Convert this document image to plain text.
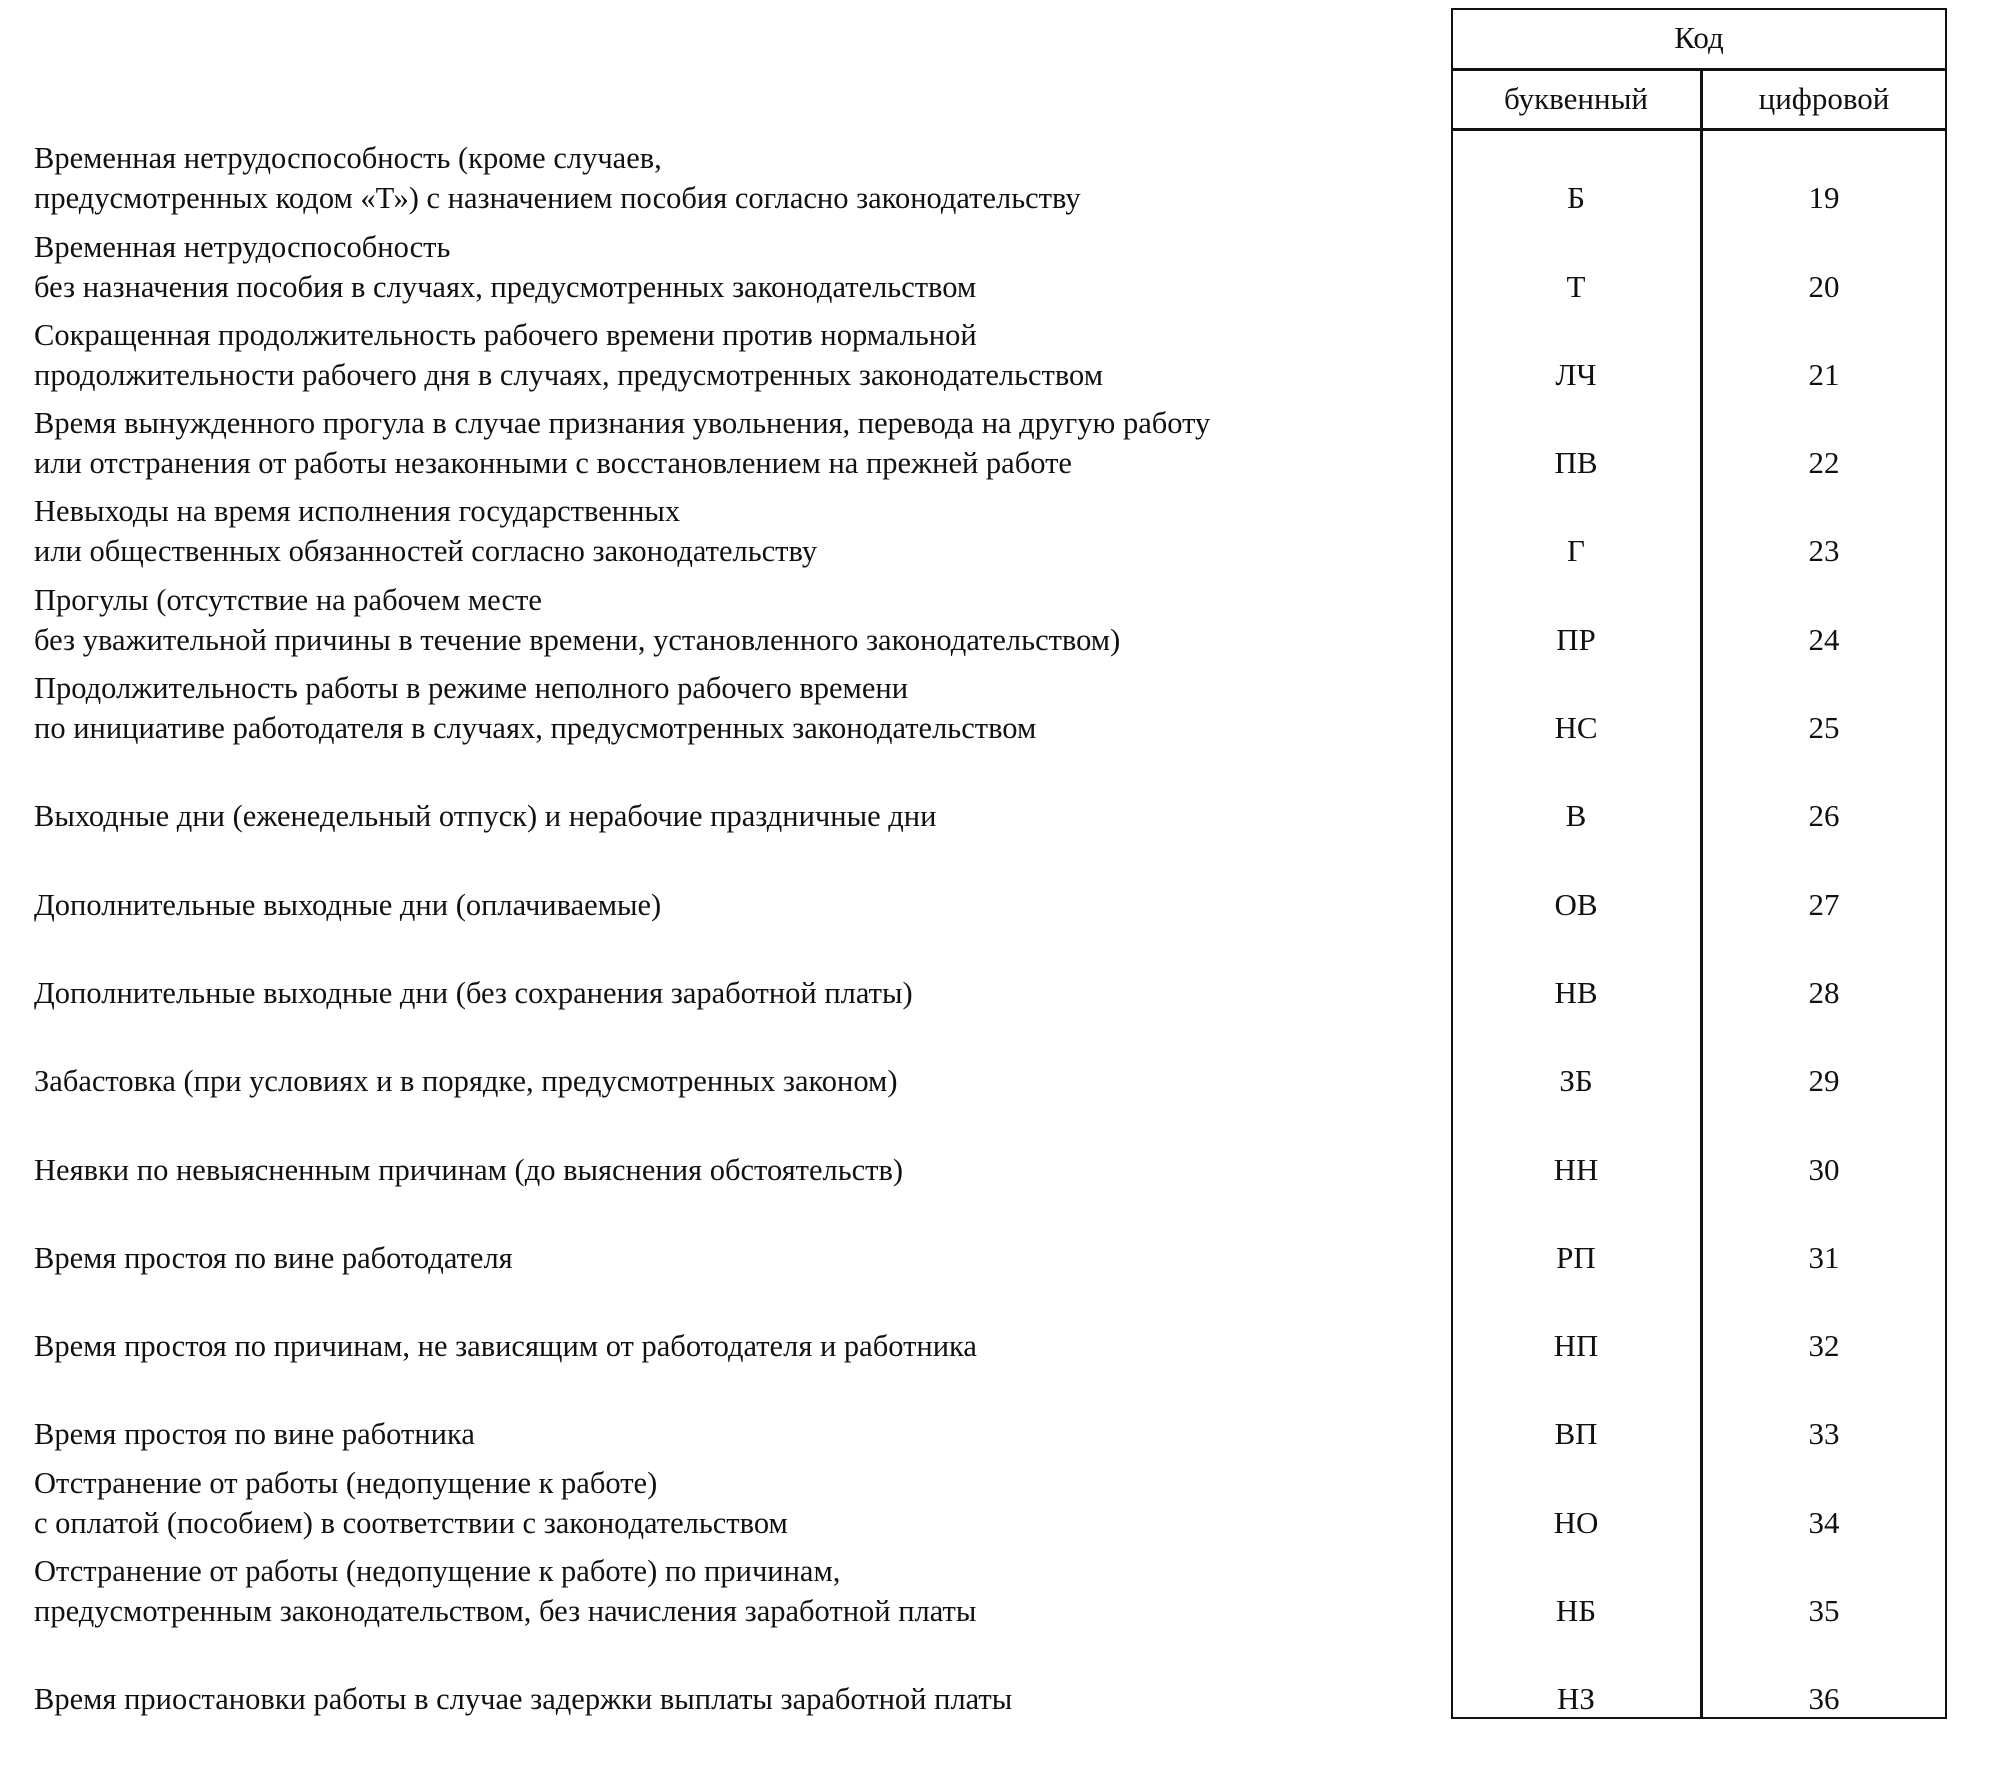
Код
буквенный	цифровой
Временная нетрудоспособность (кроме случаев,
предусмотренных кодом «Т») с назначением пособия согласно законодательству	Б	19
Временная нетрудоспособность
без назначения пособия в случаях, предусмотренных законодательством	Т	20
Сокращенная продолжительность рабочего времени против нормальной
продолжительности рабочего дня в случаях, предусмотренных законодательством	ЛЧ	21
Время вынужденного прогула в случае признания увольнения, перевода на другую работу
или отстранения от работы незаконными с восстановлением на прежней работе	ПВ	22
Невыходы на время исполнения государственных
или общественных обязанностей согласно законодательству	Г	23
Прогулы (отсутствие на рабочем месте
без уважительной причины в течение времени, установленного законодательством)	ПР	24
Продолжительность работы в режиме неполного рабочего времени
по инициативе работодателя в случаях, предусмотренных законодательством	НС	25
Выходные дни (еженедельный отпуск) и нерабочие праздничные дни	В	26
Дополнительные выходные дни (оплачиваемые)	ОВ	27
Дополнительные выходные дни (без сохранения заработной платы)	НВ	28
Забастовка (при условиях и в порядке, предусмотренных законом)	ЗБ	29
Неявки по невыясненным причинам (до выяснения обстоятельств)	НН	30
Время простоя по вине работодателя	РП	31
Время простоя по причинам, не зависящим от работодателя и работника	НП	32
Время простоя по вине работника	ВП	33
Отстранение от работы (недопущение к работе)
с оплатой (пособием) в соответствии с законодательством	НО	34
Отстранение от работы (недопущение к работе) по причинам,
предусмотренным законодательством, без начисления заработной платы	НБ	35
Время приостановки работы в случае задержки выплаты заработной платы	НЗ	36
